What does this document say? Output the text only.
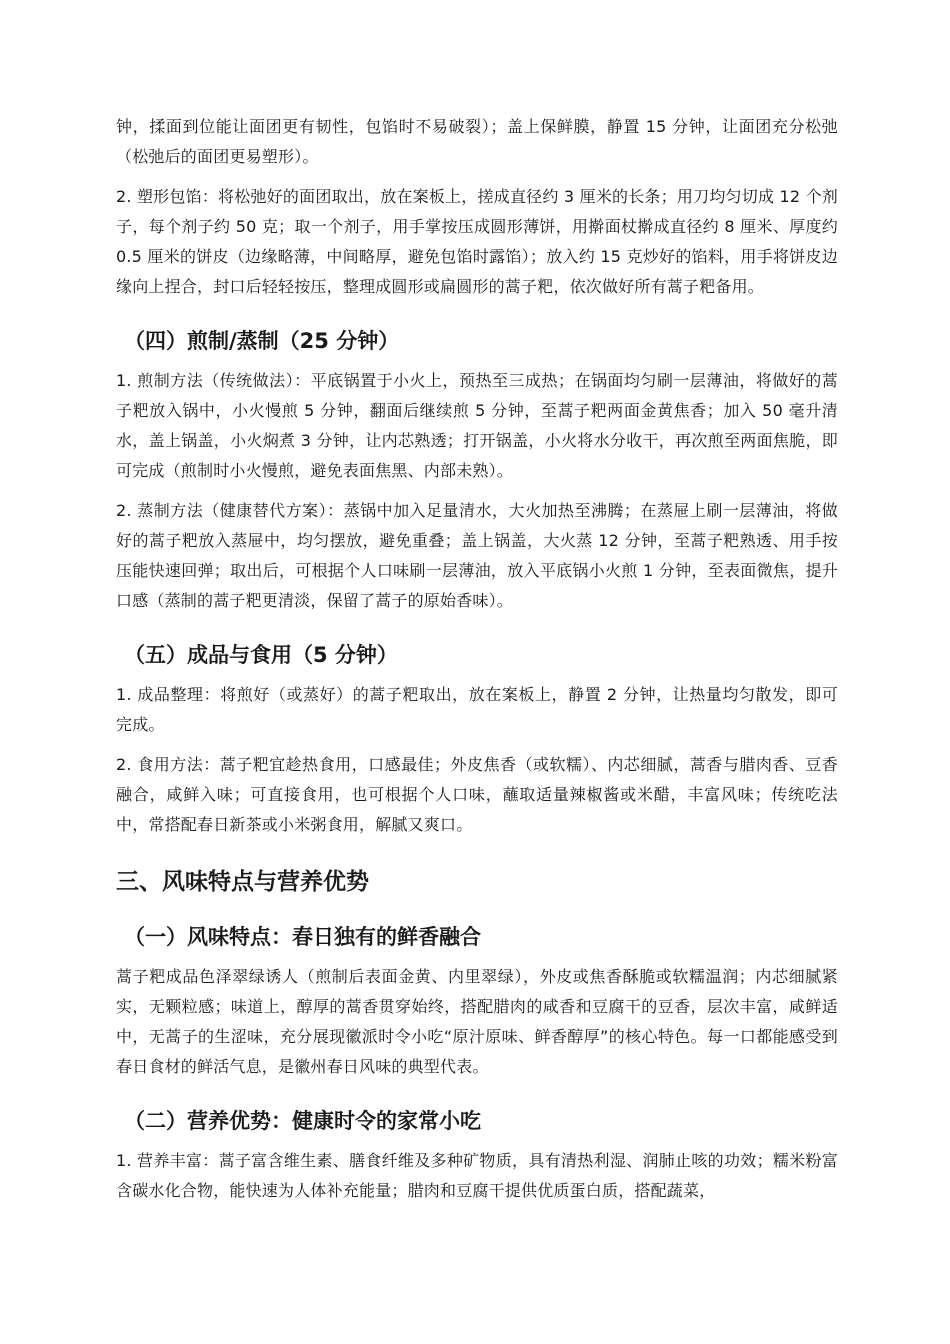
钟，揉面到位能让面团更有韧性，包馅时不易破裂）；盖上保鲜膜，静置 15 分钟，让面团充分松弛（松弛后的面团更易塑形）。

2. 塑形包馅：将松弛好的面团取出，放在案板上，搓成直径约 3 厘米的长条；用刀均匀切成 12 个剂子，每个剂子约 50 克；取一个剂子，用手掌按压成圆形薄饼，用擀面杖擀成直径约 8 厘米、厚度约 0.5 厘米的饼皮（边缘略薄，中间略厚，避免包馅时露馅）；放入约 15 克炒好的馅料，用手将饼皮边缘向上捏合，封口后轻轻按压，整理成圆形或扁圆形的蒿子粑，依次做好所有蒿子粑备用。

（四）煎制/蒸制（25 分钟）

1. 煎制方法（传统做法）：平底锅置于小火上，预热至三成热；在锅面均匀刷一层薄油，将做好的蒿子粑放入锅中，小火慢煎 5 分钟，翻面后继续煎 5 分钟，至蒿子粑两面金黄焦香；加入 50 毫升清水，盖上锅盖，小火焖煮 3 分钟，让内芯熟透；打开锅盖，小火将水分收干，再次煎至两面焦脆，即可完成（煎制时小火慢煎，避免表面焦黑、内部未熟）。

2. 蒸制方法（健康替代方案）：蒸锅中加入足量清水，大火加热至沸腾；在蒸屉上刷一层薄油，将做好的蒿子粑放入蒸屉中，均匀摆放，避免重叠；盖上锅盖，大火蒸 12 分钟，至蒿子粑熟透、用手按压能快速回弹；取出后，可根据个人口味刷一层薄油，放入平底锅小火煎 1 分钟，至表面微焦，提升口感（蒸制的蒿子粑更清淡，保留了蒿子的原始香味）。

（五）成品与食用（5 分钟）

1. 成品整理：将煎好（或蒸好）的蒿子粑取出，放在案板上，静置 2 分钟，让热量均匀散发，即可完成。

2. 食用方法：蒿子粑宜趁热食用，口感最佳；外皮焦香（或软糯）、内芯细腻，蒿香与腊肉香、豆香融合，咸鲜入味；可直接食用，也可根据个人口味，蘸取适量辣椒酱或米醋，丰富风味；传统吃法中，常搭配春日新茶或小米粥食用，解腻又爽口。

三、风味特点与营养优势
（一）风味特点：春日独有的鲜香融合

蒿子粑成品色泽翠绿诱人（煎制后表面金黄、内里翠绿），外皮或焦香酥脆或软糯温润；内芯细腻紧实，无颗粒感；味道上，醇厚的蒿香贯穿始终，搭配腊肉的咸香和豆腐干的豆香，层次丰富，咸鲜适中，无蒿子的生涩味，充分展现徽派时令小吃“原汁原味、鲜香醇厚”的核心特色。每一口都能感受到春日食材的鲜活气息，是徽州春日风味的典型代表。

（二）营养优势：健康时令的家常小吃

1. 营养丰富：蒿子富含维生素、膳食纤维及多种矿物质，具有清热利湿、润肺止咳的功效；糯米粉富含碳水化合物，能快速为人体补充能量；腊肉和豆腐干提供优质蛋白质，搭配蔬菜，
